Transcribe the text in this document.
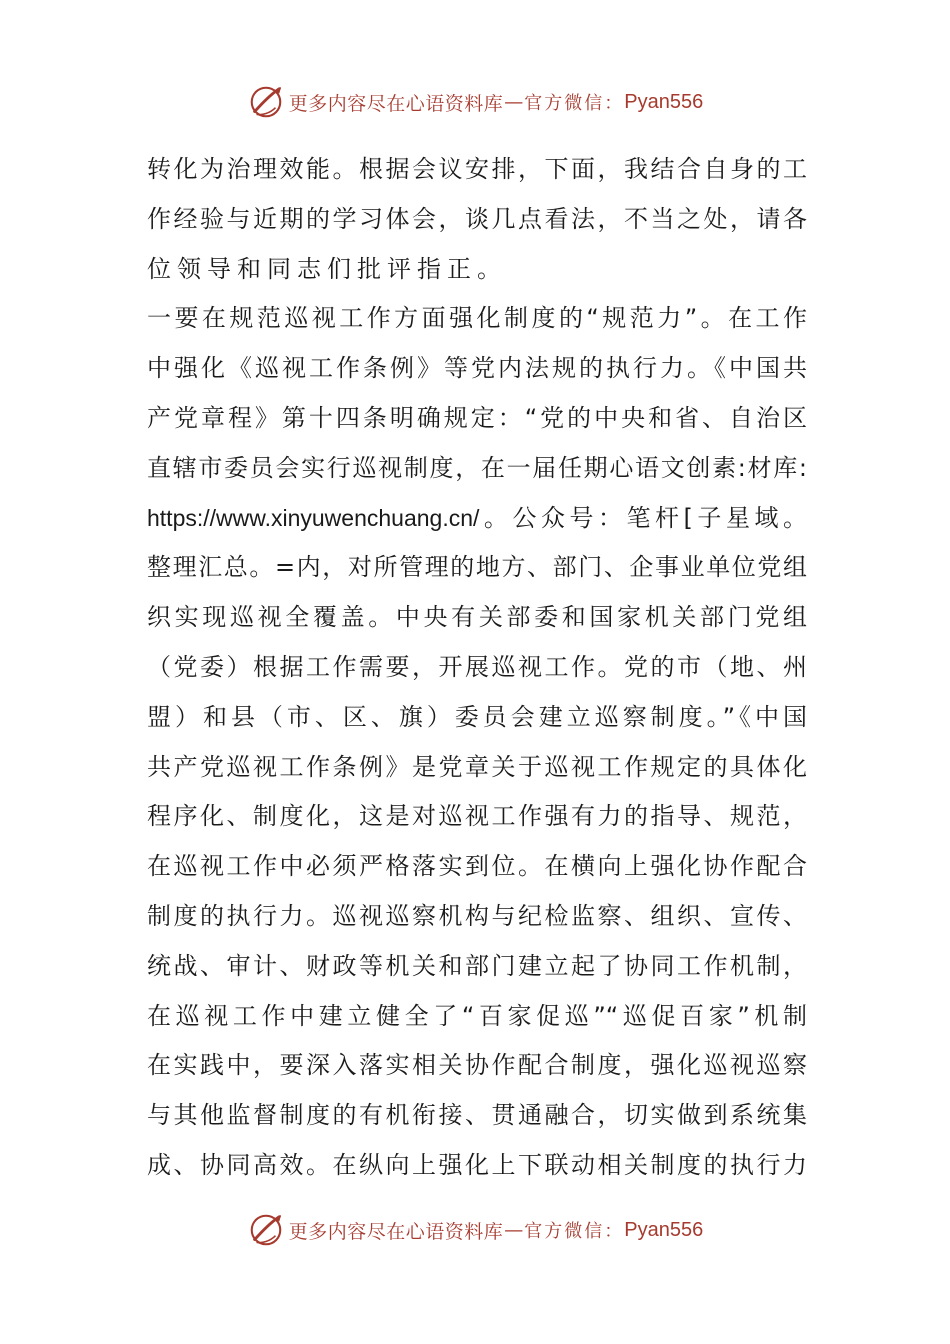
更多内容尽在心语资料库 — 官方微信： Pyan556
转化为治理效能。根据会议安排，下面，我结合自身的工
作经验与近期的学习体会，谈几点看法，不当之处，请各
位领导和同志们批评指正。
一要在规范巡视工作方面强化制度的“规范力”。在工作
中强化《巡视工作条例》等党内法规的执行力。《中国共
产党章程》第十四条明确规定：“党的中央和省、自治区
直辖市委员会实行巡视制度，在一届任期心语文创素:材库:
https://www.xinyuwenchuang.cn/。公众号：笔杆[子星域。
整理汇总。=内，对所管理的地方、部门、企事业单位党组
织实现巡视全覆盖。中央有关部委和国家机关部门党组
（党委）根据工作需要，开展巡视工作。党的市（地、州
盟）和县（市、区、旗）委员会建立巡察制度。”《中国
共产党巡视工作条例》是党章关于巡视工作规定的具体化
程序化、制度化，这是对巡视工作强有力的指导、规范，
在巡视工作中必须严格落实到位。在横向上强化协作配合
制度的执行力。巡视巡察机构与纪检监察、组织、宣传、
统战、审计、财政等机关和部门建立起了协同工作机制，
在巡视工作中建立健全了“百家促巡”“巡促百家”机制
在实践中，要深入落实相关协作配合制度，强化巡视巡察
与其他监督制度的有机衔接、贯通融合，切实做到系统集
成、协同高效。在纵向上强化上下联动相关制度的执行力
更多内容尽在心语资料库 — 官方微信： Pyan556
